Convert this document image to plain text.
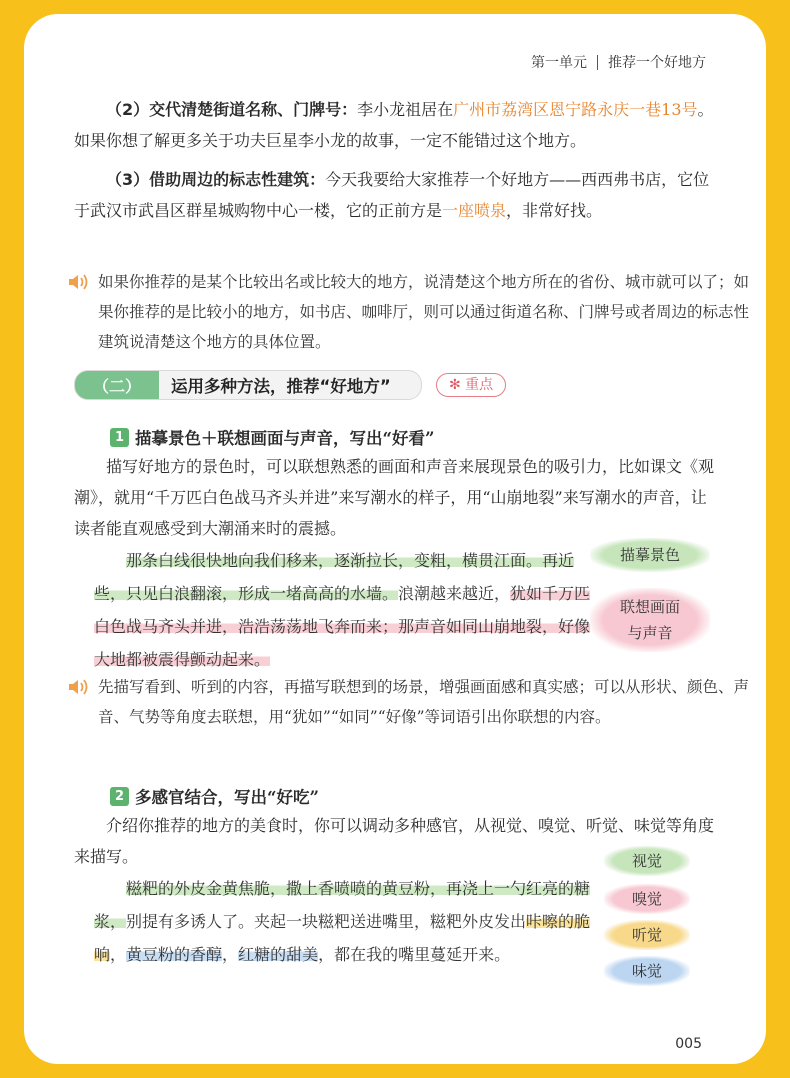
第一单元 推荐一个好地方
（2）交代清楚街道名称、门牌号：李小龙祖居在广州市荔湾区恩宁路永庆一巷13号。如果你想了解更多关于功夫巨星李小龙的故事，一定不能错过这个地方。
（3）借助周边的标志性建筑：今天我要给大家推荐一个好地方——西西弗书店，它位于武汉市武昌区群星城购物中心一楼，它的正前方是一座喷泉，非常好找。
如果你推荐的是某个比较出名或比较大的地方，说清楚这个地方所在的省份、城市就可以了；如果你推荐的是比较小的地方，如书店、咖啡厅，则可以通过街道名称、门牌号或者周边的标志性建筑说清楚这个地方的具体位置。
（二）	运用多种方法，推荐“好地方”	✻ 重点
1 描摹景色＋联想画面与声音，写出“好看”
描写好地方的景色时，可以联想熟悉的画面和声音来展现景色的吸引力，比如课文《观潮》，就用“千万匹白色战马齐头并进”来写潮水的样子，用“山崩地裂”来写潮水的声音，让读者能直观感受到大潮涌来时的震撼。
那条白线很快地向我们移来，逐渐拉长，变粗，横贯江面。再近些，只见白浪翻滚，形成一堵高高的水墙。浪潮越来越近，犹如千万匹白色战马齐头并进，浩浩荡荡地飞奔而来；那声音如同山崩地裂，好像大地都被震得颤动起来。
描摹景色
联想画面与声音
先描写看到、听到的内容，再描写联想到的场景，增强画面感和真实感；可以从形状、颜色、声音、气势等角度去联想，用“犹如”“如同”“好像”等词语引出你联想的内容。
2 多感官结合，写出“好吃”
介绍你推荐的地方的美食时，你可以调动多种感官，从视觉、嗅觉、听觉、味觉等角度来描写。
糍粑的外皮金黄焦脆，撒上香喷喷的黄豆粉，再浇上一勺红亮的糖浆，别提有多诱人了。夹起一块糍粑送进嘴里，糍粑外皮发出咔嚓的脆响，黄豆粉的香醇，红糖的甜美，都在我的嘴里蔓延开来。
视觉
嗅觉
听觉
味觉
005
